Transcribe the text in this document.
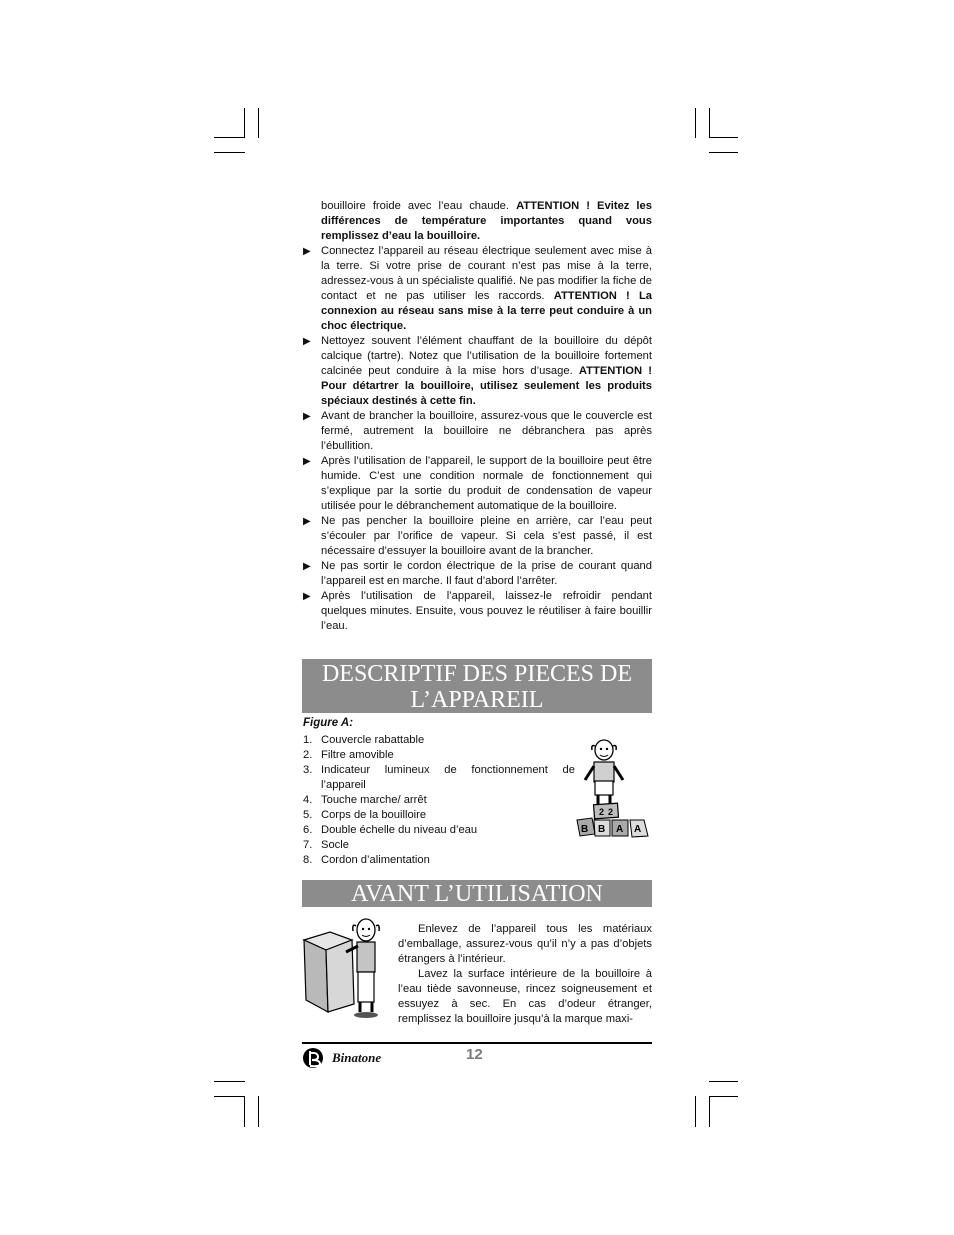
bouilloire froide avec l’eau chaude. ATTENTION ! Evitez les différences de température importantes quand vous remplissez d’eau la bouilloire.

▶ Connectez l’appareil au réseau électrique seulement avec mise à la terre. Si votre prise de courant n’est pas mise à la terre, adressez-vous à un spécialiste qualifié. Ne pas modifier la fiche de contact et ne pas utiliser les raccords. ATTENTION ! La connexion au réseau sans mise à la terre peut conduire à un choc électrique.

▶ Nettoyez souvent l’élément chauffant de la bouilloire du dépôt calcique (tartre). Notez que l’utilisation de la bouilloire fortement calcinée peut conduire à la mise hors d’usage. ATTENTION ! Pour détartrer la bouilloire, utilisez seulement les produits spéciaux destinés à cette fin.

▶ Avant de brancher la bouilloire, assurez-vous que le couvercle est fermé, autrement la bouilloire ne débranchera pas après l’ébullition.

▶ Après l’utilisation de l’appareil, le support de la bouilloire peut être humide. C’est une condition normale de fonctionnement qui s’explique par la sortie du produit de condensation de vapeur utilisée pour le débranchement automatique de la bouilloire.

▶ Ne pas pencher la bouilloire pleine en arrière, car l’eau peut s’écouler par l’orifice de vapeur. Si cela s’est passé, il est nécessaire d’essuyer la bouilloire avant de la brancher.

▶ Ne pas sortir le cordon électrique de la prise de courant quand l’appareil est en marche. Il faut d’abord l’arrêter.

▶ Après l’utilisation de l’appareil, laissez-le refroidir pendant quelques minutes. Ensuite, vous pouvez le réutiliser à faire bouillir l’eau.

DESCRIPTIF DES PIECES DE
L’APPAREIL
Figure A:
1. Couvercle rabattable
2. Filtre amovible
3. Indicateur lumineux de fonctionnement de l’appareil
4. Touche marche/ arrêt
5. Corps de la bouilloire
6. Double échelle du niveau d’eau
7. Socle
8. Cordon d’alimentation
2 2
B B A A
AVANT L’UTILISATION

Enlevez de l’appareil tous les matériaux d’emballage, assurez-vous qu’il n’y a pas d’objets étrangers à l’intérieur.

Lavez la surface intérieure de la bouilloire à l’eau tiède savonneuse, rincez soigneusement et essuyez à sec. En cas d’odeur étranger, remplissez la bouilloire jusqu’à la marque maxi-

Binatone	12
